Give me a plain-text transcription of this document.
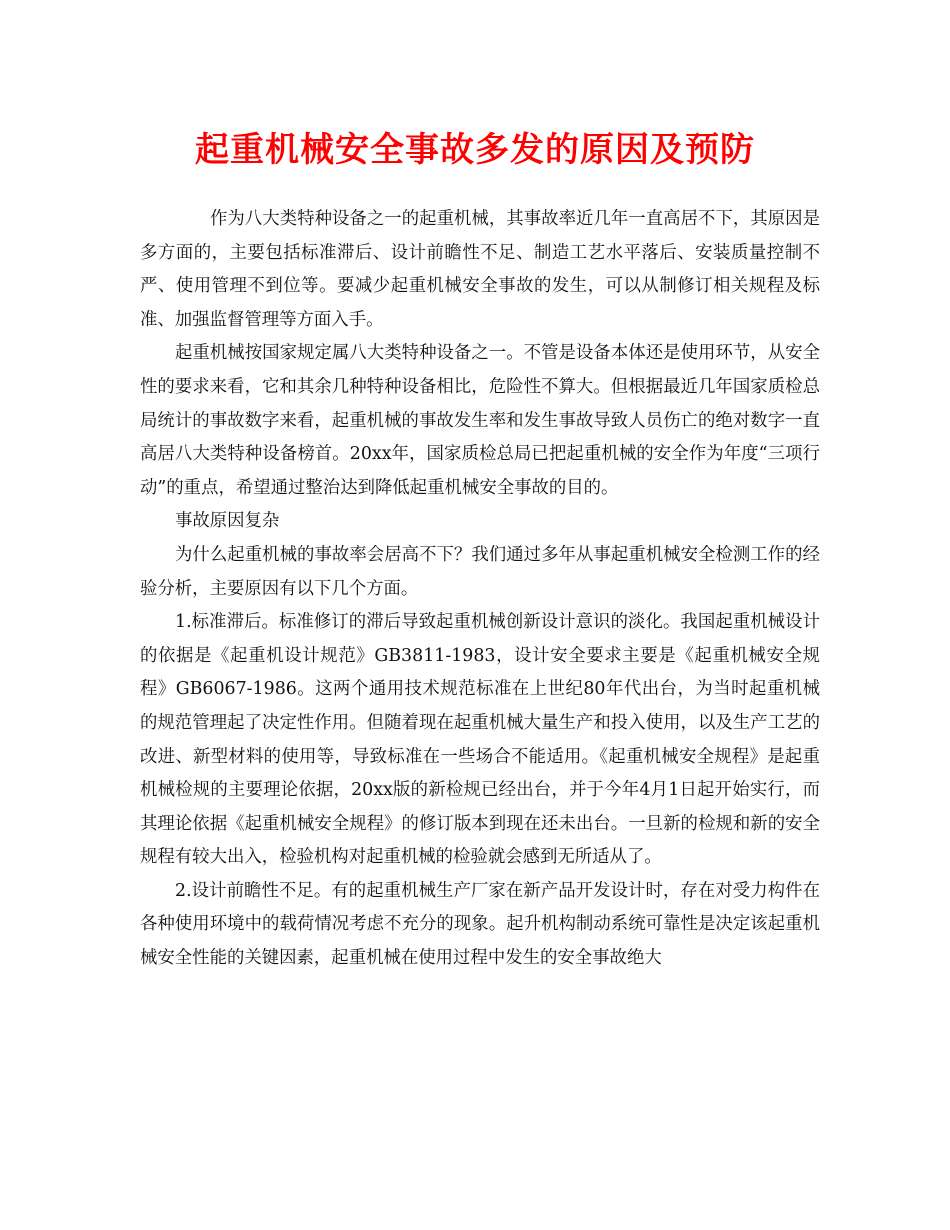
起重机械安全事故多发的原因及预防

作为八大类特种设备之一的起重机械，其事故率近几年一直高居不下，其原因是多方面的，主要包括标准滞后、设计前瞻性不足、制造工艺水平落后、安装质量控制不严、使用管理不到位等。要减少起重机械安全事故的发生，可以从制修订相关规程及标准、加强监督管理等方面入手。

起重机械按国家规定属八大类特种设备之一。不管是设备本体还是使用环节，从安全性的要求来看，它和其余几种特种设备相比，危险性不算大。但根据最近几年国家质检总局统计的事故数字来看，起重机械的事故发生率和发生事故导致人员伤亡的绝对数字一直高居八大类特种设备榜首。20xx年，国家质检总局已把起重机械的安全作为年度“三项行动”的重点，希望通过整治达到降低起重机械安全事故的目的。

事故原因复杂

为什么起重机械的事故率会居高不下？我们通过多年从事起重机械安全检测工作的经验分析，主要原因有以下几个方面。

1.标准滞后。标准修订的滞后导致起重机械创新设计意识的淡化。我国起重机械设计的依据是《起重机设计规范》GB3811-1983，设计安全要求主要是《起重机械安全规程》GB6067-1986。这两个通用技术规范标准在上世纪80年代出台，为当时起重机械的规范管理起了决定性作用。但随着现在起重机械大量生产和投入使用，以及生产工艺的改进、新型材料的使用等，导致标准在一些场合不能适用。《起重机械安全规程》是起重机械检规的主要理论依据，20xx版的新检规已经出台，并于今年4月1日起开始实行，而其理论依据《起重机械安全规程》的修订版本到现在还未出台。一旦新的检规和新的安全规程有较大出入，检验机构对起重机械的检验就会感到无所适从了。

2.设计前瞻性不足。有的起重机械生产厂家在新产品开发设计时，存在对受力构件在各种使用环境中的载荷情况考虑不充分的现象。起升机构制动系统可靠性是决定该起重机械安全性能的关键因素，起重机械在使用过程中发生的安全事故绝大
